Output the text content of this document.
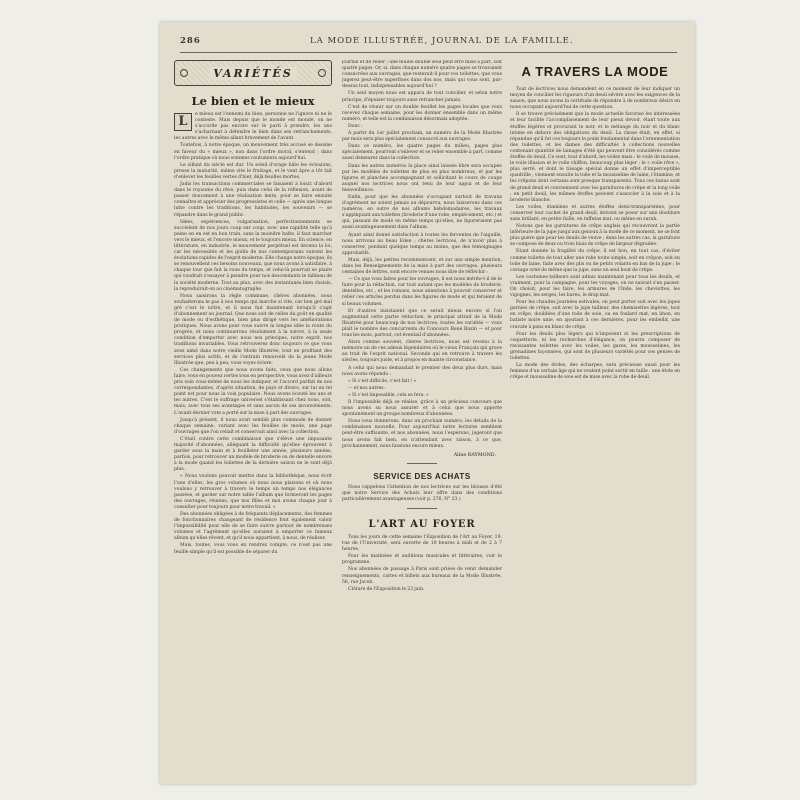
286	LA MODE ILLUSTRÉE, JOURNAL DE LA FAMILLE.
VARIÉTÉS
Le bien et le mieux

L	e mieux est l'ennemi du bien, personne ne l'ignore ni ne le conteste. Mais depuis que le monde est monde, on ne s'accorde pas encore sur le parti à prendre, les uns s'acharnant à défendre le bien dans ses retranchements, les autres avec le même allant bravement de l'avant.

Toutefois, à notre époque, un mouvement très accusé se dessine en faveur du « mieux », non dans l'ordre moral, s'entend ; dans l'ordre pratique où nous sommes coutumiers aujourd'hui.

Le sillant du siècle est dur. Un soleil d'orage bâte les éclosions, presse la maturité, même vite le fruitage, et le vent âpre a tôt fait d'enlever les feuilles vertes d'hier, déjà feuilles mortes.

Jadis les transactions commerciales se faisaient à loisir, d'abord dans le royaume du rêve, puis dans celui de la réflexion, avant de passer doucement à une réalisation lente, pour se faire ensuite connaître et apprécier des progressistes et celle — après une longue lutte contre les traditions, les habitudes, les souvenirs — se répandre dans le grand public.

Idées, expériences, vulgarisation, perfectionnements se succèdent de nos jours coup sur coup, avec une rapidité telle qu'à peine on en est en bon train, sans la moindre halte, il faut marcher vers le mieux, et l'encore mieux, et le toujours mieux. En science, en littérature, en industrie, le mouvement perpétuel est devenu la loi, car les nécessités et les goûts de nos contemporains suivent les évolutions rapides de l'esprit moderne. Elle change notre époque, ils se renouvellent ces besoins nouveaux, que nous avons à satisfaire, à chaque tour que fait la roue du temps, et celui-là pourrait se plaire qui voudrait s'essayer à peindre pour nos descendants le tableau de la société moderne. Tout au plus, avec des instantanés bien choisis, la reproduirait-on au cinématographe.

Nous saisirons la règle commune, chères abonnées, nous souhaiterons le pas à nos temps qui marche si vite, car bon gré mal gré c'est le nôtre, et il nous fait maintenant lorsqu'il s'agit d'abonnement au journal. Que nous soit de celles du goût en qualité de mode ou d'esthétique, bien plus dirigé vers les améliorations pratiques. Nous avons pour vous suivre la longue idée la route du progrès, et nous continuerons résolument à la suivre, à la seule condition d'emporter avec nous nos principes, notre esprit, nos traditions invariables. Vous retrouverez donc toujours ce que vous avez aimé dans notre vieille Mode Illustrée, tout en profitant des services plus actifs, et de l'entrain renouvelé de la jeune Mode Illustrée que, peu à peu, vous voyez éclore.

Ces changements que nous avons faits, ceux que nous allons faire, vous en pouvez certes tous en perspective, vous avez d'ailleurs pris soin vous-même de nous les indiquer, et l'accord parfait de nos correspondantes, d'après situation, de pays et divers, sur lui en tel point est pour nous la voix populaire. Nous avons écouté les uns et les autres. C'est le suffrage universel s'établissant chez nous, soit, mais, avec tous ses avantages et sans aucun de ses inconvénients. L'avant-dernier vote a porté sur la mise à part des ouvrages.

Jusqu'à présent, il nous avait semblé plus commode de donner chaque semaine, variant avec les feuilles de mode, une page d'ouvrages que l'on reliait et conservait ainsi avec la collection.

C'était contre cette combinaison que s'élève une imposante majorité d'abonnées, alléguant la difficulté qu'elles éprouvent à garder sous la main et à feuilleter une année, plusieurs années, parfois, pour retrouver un modèle de broderie ou de dentelle encore à la mode quand les toilettes de la dernière saison ne le sont déjà plus.

« Nous voulons pouvoir mettre dans la bibliothèque, nous écrit l'une d'elles, les gros volumes où nous nous plaisons et où nous voulons y retrouver à travers le temps un temps nos élégances passées, et garder sur notre table l'album que formeront les pages des ouvrages, réunies, que nos filles et moi avons chaque jour à consulter pour toujours pour notre travail. »

Des abonnées obligées à de fréquents déplacements, des femmes de fonctionnaires changeant de résidence font également valoir l'impossibilité pour elle de se faire suivre partout de nombreuses volumes et l'agrément qu'elles auraient à emporter ce fameux album qu'elles rêvent, et qu'il nous appartient, à nous, de réaliser.

Mais, toutes, vous vous en rendrez compte, ce n'est pas une feuille simple qu'il est possible de séparer du

journal et de relier ; une feuille double seul peut être mise à part, soit quatre pages. Or, si, dans chaque numéro quatre pages se trouvaient consacrées aux ouvrages, que resterait-il pour vos toilettes, que vous jugerez peut-être superflues dans dos nos, mais qui vous sont, par-dessus tout, indispensables aujourd'hui ?

Un seul moyen nous est apparu de tout concilier, et selon notre principe, d'épuiser toujours sans retrancher jamais.

C'est de réunir sur un double feuillet les pages locales que vous recevez chaque semaine, pour les donner ensemble dans un même numéro, et telle est la combinaison désormais adoptée.

Donc :

A partir du 1er juillet prochain, un numéro de la Mode Illustrée par mois sera plus spécialement consacré aux ouvrages.

Dans ce numéro, les quatre pages du milieu, pages plus spécialement, pourront s'enlever et se relier ensemble à part, comme aussi demeurer dans la collection.

Dans les autres numéros la place ainsi laissée libre sera occupée par les modèles de toilettes de plus en plus nombreux, et par les figures et planches accompagnant et sollicitant le cours de coupe auquel nos lectrices nous ont tenu de leur appui et de leur bienveillance.

Enfin, pour que les abonnées s'occupant surtout de travaux d'agrément ne soient jamais au dépourvu, nous laisserons dans ces numéros, en outre de nos albums hebdomadaires, les travaux s'appliquant aux toilettes (broderie d'une robe, empiècement, etc.) et qui, passant de mode en même temps qu'elles, ne figureraient pas aussi avantageusement dans l'album.

Ayant ainsi donné satisfaction à toutes les ferventes de l'aiguille, nous arrivons au beau Eden ; chères lectrices, de n'avoir plus à conserver, pendant quelque temps au moins, que des témoignages approbatifs.

Mais, déjà, les petites recommencent, et sur une simple mention, dans les Renseignements de la mise à part des ouvrages, plusieurs centaines de lettres, sont encore venues nous dire de réfléchir :

— Ce que vous faites pour les ouvrages, il est nous mérite-t-il de le faire pour la rédaction, car tout autant que les modèles de broderie, dentelles, etc., et les romans, nous aimerions à pouvoir conserver et relier ces articles perdus dans les figures de mode et qui feraient de si beaux volumes.

Et d'autres insistaient que ce serait mieux encore si l'on augmentait cette partie rédaction, le principal attrait de la Mode Illustrée pour beaucoup de nos lectrices, toutes les variétés — vous plaît le nombre des concurrents du Concours René Bazin — et pour tous les mois, partout, cet éventail d'abonnées.

Alors comme souvent, chères lectrices, nous est revenu à la mémoire un de ces adieux légendaires où le vieux Français qui grave au trait de l'esprit national. Seconde qui en retrouve à travers les siècles, toujours juste, et à propos en mainte circonstance.

A celui qui nous demandait le premier des deux plus durs, mais nous avons répondu :

« Si c'est difficile, c'est fait ! »

— et nos autres :

« Si c'est impossible, cela se fera. »

Il l'impossible déjà se réalise, grâce à un précieux concours que nous avons su nous assurer et à celui que nous apporte spontanément un groupe nombreux d'abonnées.

Nous vous donnerons, dans un prochain numéro, les détails de la combinaison nouvelle. Pour aujourd'hui notre lectures semblent peut-être suffisante, et nos abonnées, nous l'espérons, jugeront que nous avons fait bien, en n'attendant avec raison, à ce que, prochainement, nous fassions encore mieux.

Aline RAYMOND.
SERVICE DES ACHATS

Nous rappelons l'attention de nos lectrices sur les blouses d'été que notre Service des Achats leur offre dans des conditions particulièrement avantageuses (voir p. 276, N° 23.)

L'ART AU FOYER

Tous les jours de cette semaine l'Exposition de l'Art au Foyer, 19, rue de l'Université, sera ouverte de 10 heures à midi et de 2 à 7 heures.

Pour les matinées et auditions musicales et littéraires, voir le programme.

Nos abonnées de passage à Paris sont priées de venir demander renseignements, cartes et billets aux bureaux de la Mode Illustrée, 56, rue Jacob.

Clôture de l'Exposition le 23 juin.

A TRAVERS LA MODE

Tout de lectrices nous demandent en ce moment de leur indiquer un moyen de concilier les rigueurs d'un deuil sévère avec les exigences de la saison, que nous avons la certitude de répondre à de nombreux désirs en nous occupant aujourd'hui de cette question.

Il se trouve précisément que la mode actuelle favorise les intéressées et leur facilite l'accomplissement de leur pieux devoir, étant toute aux étoffes légères et procurant le noir, et le mélange du noir et du blanc intime en dehors des obligations du deuil. La chose était, en effet, si répandue qu'il fut ces toujours le point fondamental dans l'ornementation des toilettes, et les dames des difficultés à collections nouvelles contenant quantité de lainages d'été qui peuvent être considérés comme étoffes de deuil. Ce sont, tout d'abord, les voiles mais : le voile de mousse, le voile illusion et le voile chiffon, beaucoup plus léger ; le « voile rêve », plus serré, et dont le tissage spécial donne un effet d'imperceptible quadrille ; viennent ensuite la toile et la mousseline de laine, l'étamine, et les crêpons dont certains sont presque transparents. Tous ces tissus sont de grand deuil et conviennent avec les garnitures de crêpe et la long voile ; en petit deuil, les mêmes étoffes peuvent s'associer à la soie et à la broderie blanche.

Les voiles, étamines et autres étoffes demi-transparentes, pour conserver leur cachet de grand deuil, doivent se poser sur une doublure sans brillant, en petite faille, en taffetas mat, ou même en surah.

Notons que les garnitures de crêpe anglais qui recouvrent la partie inférieure de la jupe jusqu'aux genoux à la mode de ce moment, ne se font plus guère que pour les deuils de veuve ; dans les autres cas, la garniture se compose de deux ou trois biais de crêpe de largeur dégradée.

Étant donnée la fragilité du crêpe, il est bon, en tout cas, d'éviter comme toilette de tout aller une robe toute simple, soit en crêpon, soit en toile de laine, faite avec des plis ou de petits volants en bas de la jupe ; le corsage orné de même que la jupe, sans un seul bout de crêpe.

Les costumes-tailleurs sont admis maintenant pour tous les deuils, et vraiment, pour la campagne, pour les voyages, on ne saurait s'en passer. On choisit, pour les faire, les armures de l'Inde, les cheviottes, les vigognes, les serges, les bures, le drap mat.

Pour les chaudes journées estivales, on peut porter soit avec les jupes garnies de crêpe, soit avec la jupe tailleur, des chemisettes légères, tout en crêpe, doublées d'une toile de soie, ou en foulard mat, en linon, en batiste noire unie, en ajoutant à ces dernières, pour les embellir, une cravate à pans en blanc de crêpe.

Pour les deuils plus légers qui n'imposent ni les prescriptions de coquetterie, ni les recherches d'élégance, on pourra composer de ravissantes toilettes avec les voiles, les gazes, les mousselines, les grenadines façonnées, qui sont de plusieurs variétés pour ces genres de toilettes.

La mode des étoles, des écharpes, sera précieuse aussi pour les femmes d'un certain âge qui ne veulent point sortir en taille : une étole en crêpe et mousseline de soie est de mise avec la robe de deuil.
